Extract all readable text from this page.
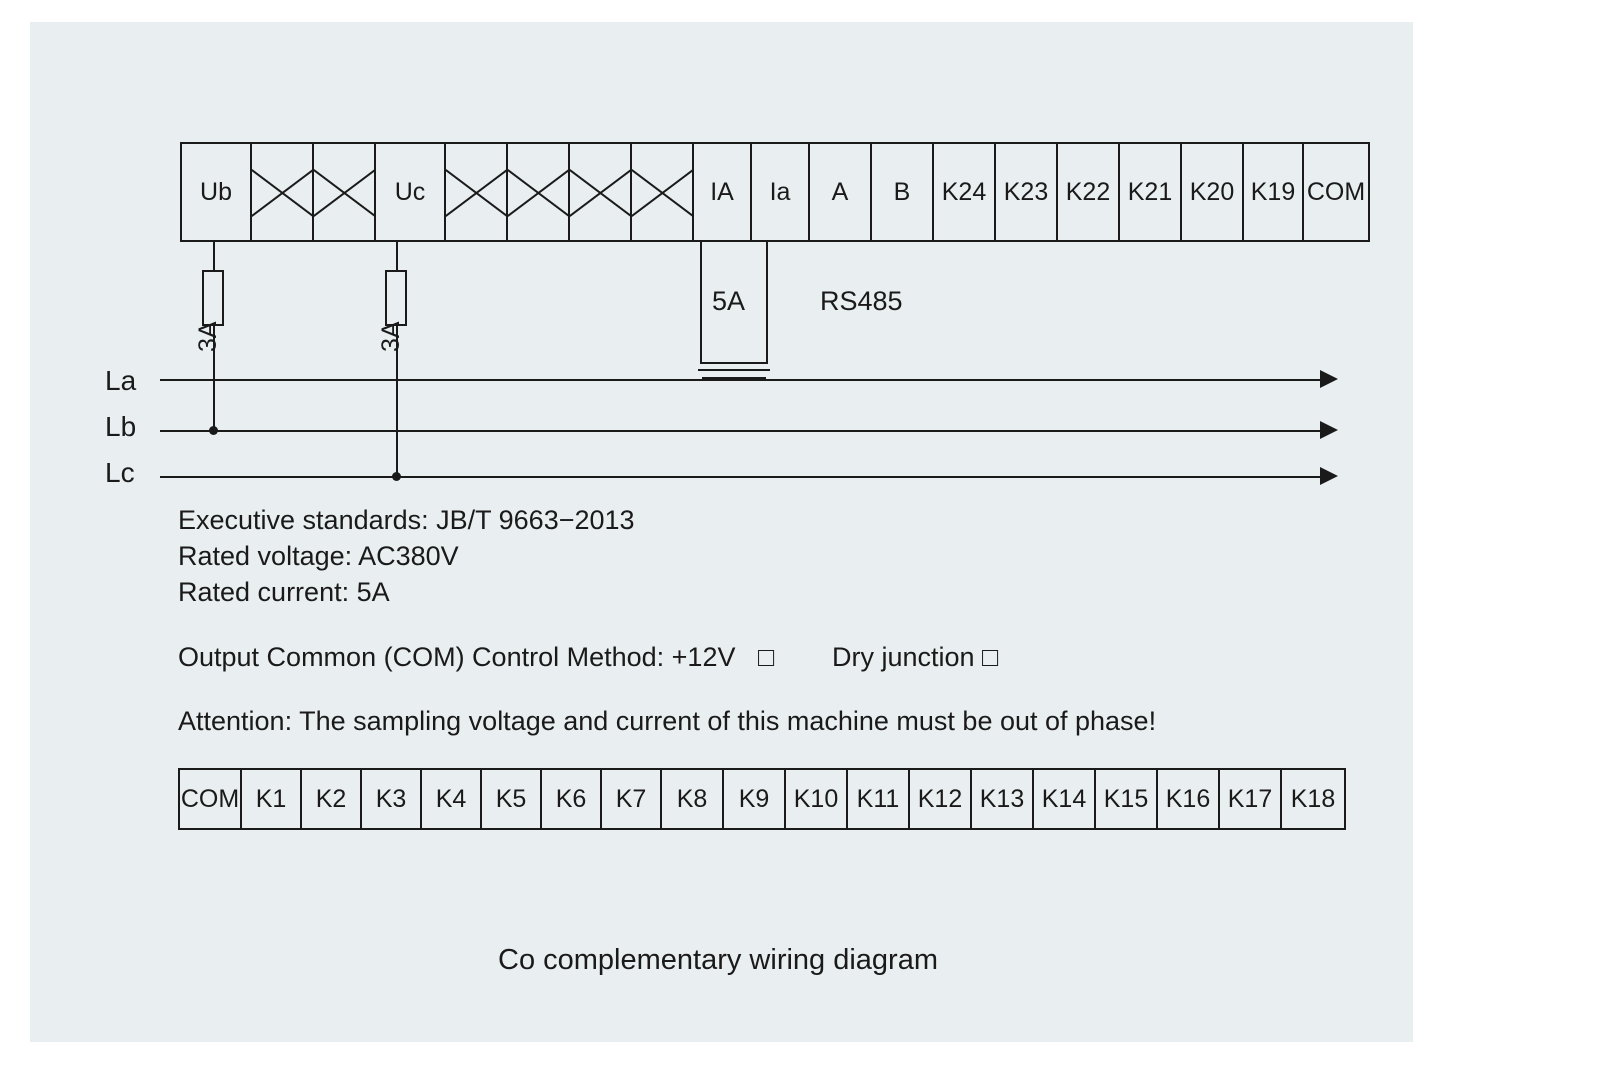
Ub	Uc	IA Ia A B K24 K23 K22 K21 K20 K19 COM
3A	3A
5A	RS485
La
Lb
Lc
Executive standards: JB/T 9663−2013
Rated voltage: AC380V
Rated current: 5A
Output Common (COM) Control Method: +12V □ Dry junction □
Attention: The sampling voltage and current of this machine must be out of phase!
COM K1 K2 K3 K4 K5 K6 K7 K8 K9 K10 K11 K12 K13 K14 K15 K16 K17 K18
Co complementary wiring diagram
